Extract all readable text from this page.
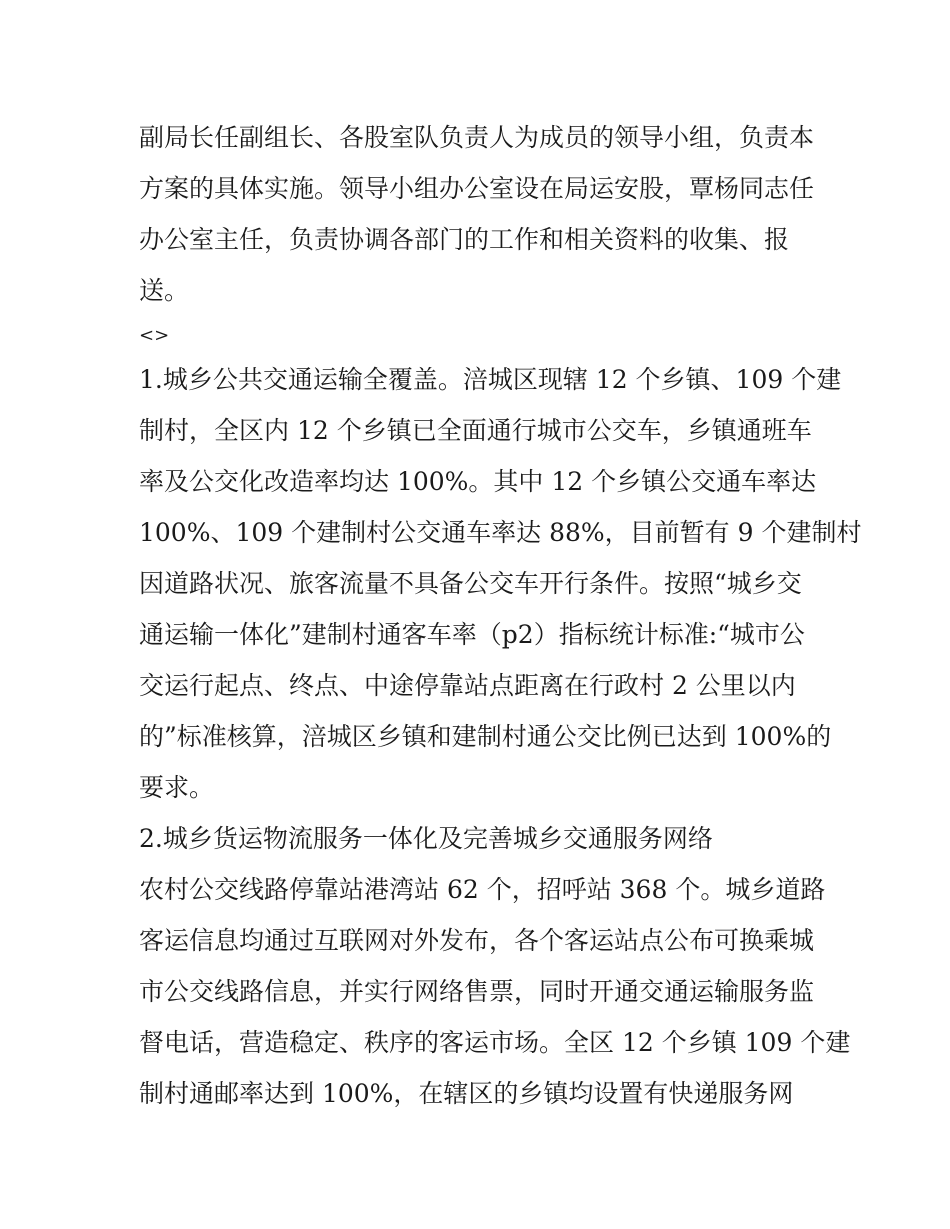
副局长任副组长、各股室队负责人为成员的领导小组，负责本

方案的具体实施。领导小组办公室设在局运安股，覃杨同志任

办公室主任，负责协调各部门的工作和相关资料的收集、报

送。

<>

1.城乡公共交通运输全覆盖。涪城区现辖 12 个乡镇、109 个建

制村，全区内 12 个乡镇已全面通行城市公交车，乡镇通班车

率及公交化改造率均达 100%。其中 12 个乡镇公交通车率达

100%、109 个建制村公交通车率达 88%，目前暂有 9 个建制村

因道路状况、旅客流量不具备公交车开行条件。按照“城乡交

通运输一体化”建制村通客车率（p2）指标统计标准:“城市公

交运行起点、终点、中途停靠站点距离在行政村 2 公里以内

的”标准核算，涪城区乡镇和建制村通公交比例已达到 100%的

要求。

2.城乡货运物流服务一体化及完善城乡交通服务网络

农村公交线路停靠站港湾站 62 个，招呼站 368 个。城乡道路

客运信息均通过互联网对外发布，各个客运站点公布可换乘城

市公交线路信息，并实行网络售票，同时开通交通运输服务监

督电话，营造稳定、秩序的客运市场。全区 12 个乡镇 109 个建

制村通邮率达到 100%，在辖区的乡镇均设置有快递服务网
